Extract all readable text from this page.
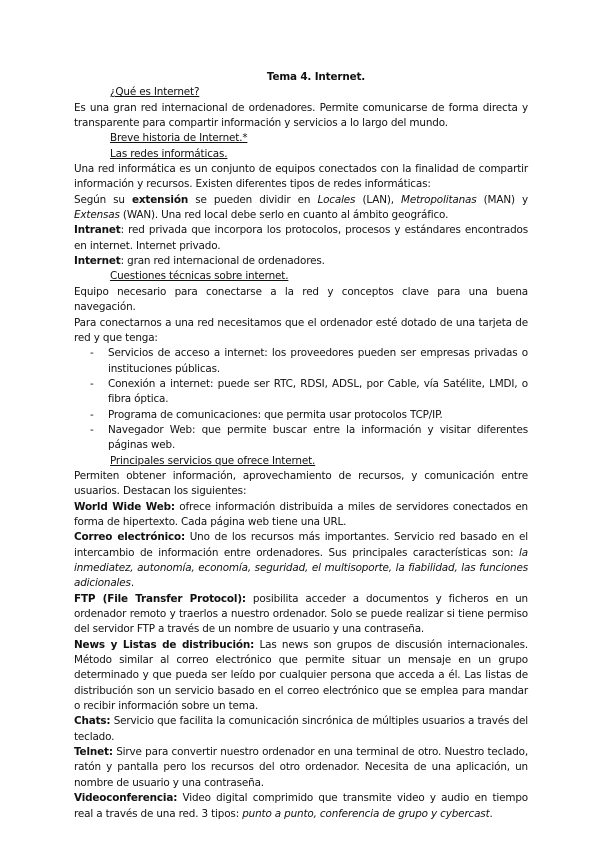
Tema 4. Internet.
¿Qué es Internet?

Es una gran red internacional de ordenadores. Permite comunicarse de forma directa y transparente para compartir información y servicios a lo largo del mundo.

Breve historia de Internet.*
Las redes informáticas.

Una red informática es un conjunto de equipos conectados con la finalidad de compartir información y recursos. Existen diferentes tipos de redes informáticas:

Según su extensión se pueden dividir en Locales (LAN), Metropolitanas (MAN) y Extensas (WAN). Una red local debe serlo en cuanto al ámbito geográfico.

Intranet: red privada que incorpora los protocolos, procesos y estándares encontrados en internet. Internet privado.

Internet: gran red internacional de ordenadores.

Cuestiones técnicas sobre internet.

Equipo necesario para conectarse a la red y conceptos clave para una buena navegación.

Para conectarnos a una red necesitamos que el ordenador esté dotado de una tarjeta de red y que tenga:

- Servicios de acceso a internet: los proveedores pueden ser empresas privadas o instituciones públicas.
- Conexión a internet: puede ser RTC, RDSI, ADSL, por Cable, vía Satélite, LMDI, o fibra óptica.
- Programa de comunicaciones: que permita usar protocolos TCP/IP.
- Navegador Web: que permite buscar entre la información y visitar diferentes páginas web.
Principales servicios que ofrece Internet.

Permiten obtener información, aprovechamiento de recursos, y comunicación entre usuarios. Destacan los siguientes:

World Wide Web: ofrece información distribuida a miles de servidores conectados en forma de hipertexto. Cada página web tiene una URL.

Correo electrónico: Uno de los recursos más importantes. Servicio red basado en el intercambio de información entre ordenadores. Sus principales características son: la inmediatez, autonomía, economía, seguridad, el multisoporte, la fiabilidad, las funciones adicionales.

FTP (File Transfer Protocol): posibilita acceder a documentos y ficheros en un ordenador remoto y traerlos a nuestro ordenador. Solo se puede realizar si tiene permiso del servidor FTP a través de un nombre de usuario y una contraseña.

News y Listas de distribución: Las news son grupos de discusión internacionales. Método similar al correo electrónico que permite situar un mensaje en un grupo determinado y que pueda ser leído por cualquier persona que acceda a él. Las listas de distribución son un servicio basado en el correo electrónico que se emplea para mandar o recibir información sobre un tema.

Chats: Servicio que facilita la comunicación sincrónica de múltiples usuarios a través del teclado.

Telnet: Sirve para convertir nuestro ordenador en una terminal de otro. Nuestro teclado, ratón y pantalla pero los recursos del otro ordenador. Necesita de una aplicación, un nombre de usuario y una contraseña.

Videoconferencia: Video digital comprimido que transmite video y audio en tiempo real a través de una red. 3 tipos: punto a punto, conferencia de grupo y cybercast.
